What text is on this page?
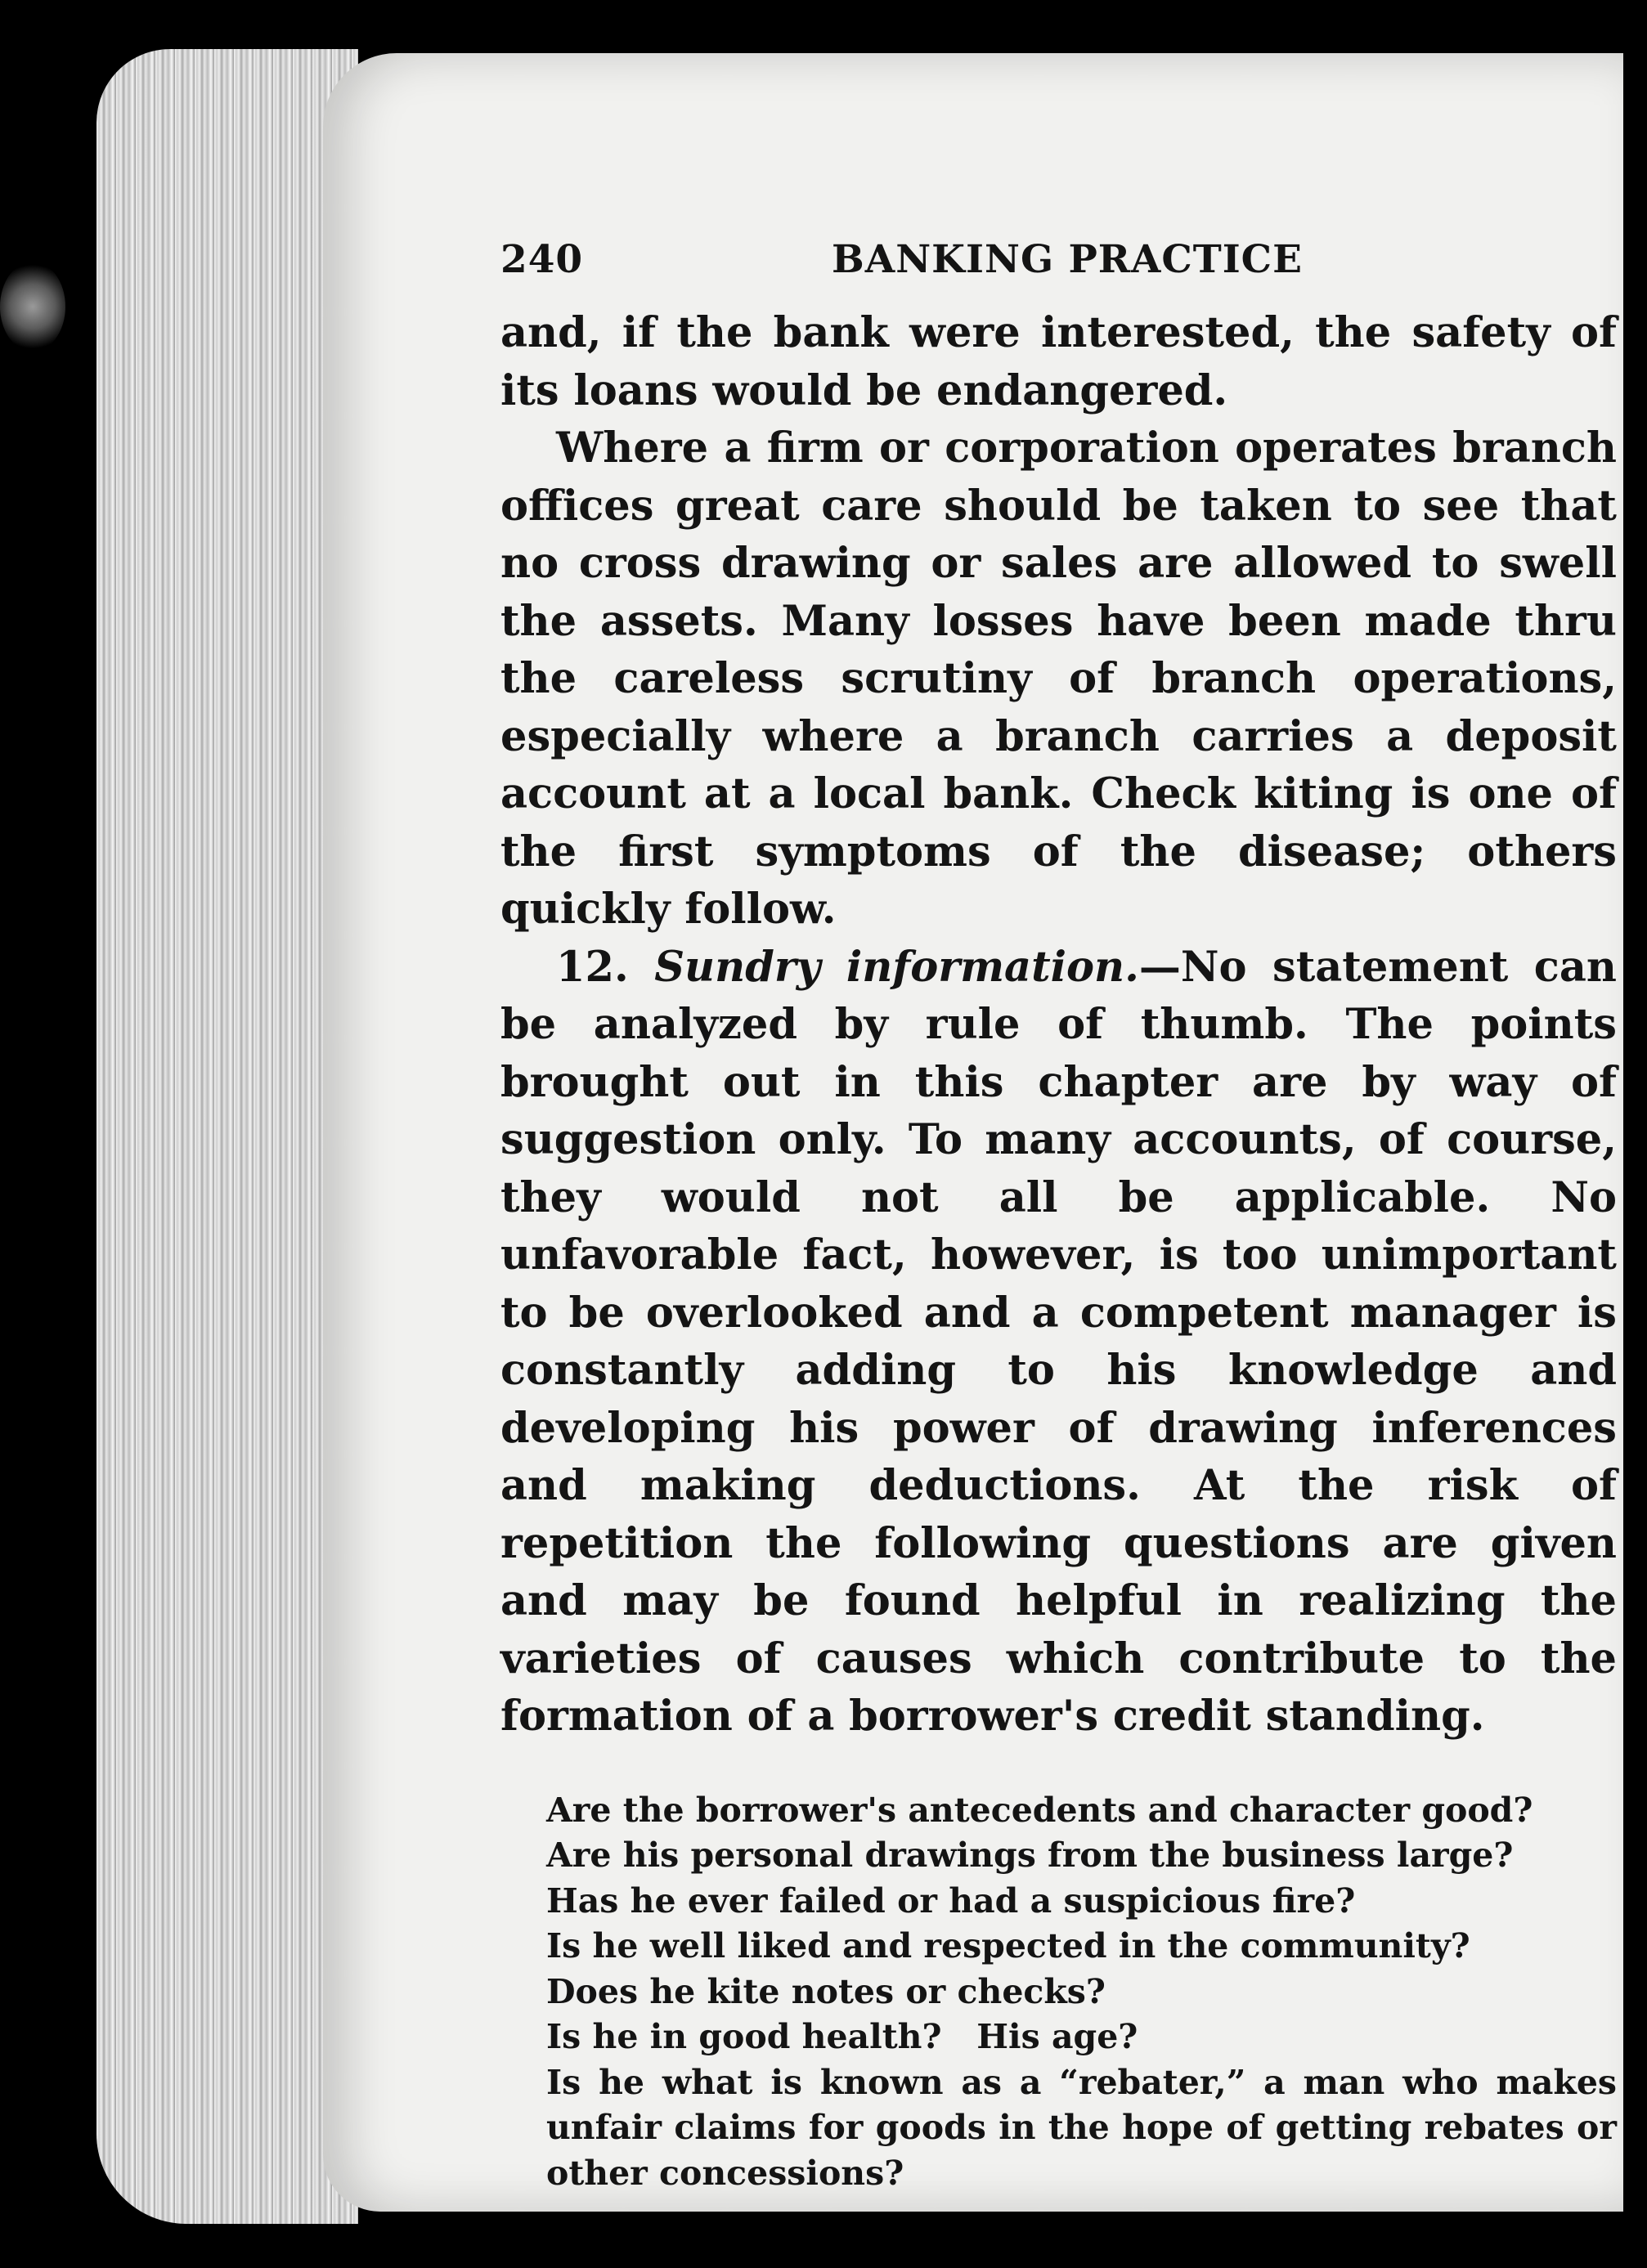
240	BANKING PRACTICE

and, if the bank were interested, the safety of its loans would be endangered.

Where a firm or corporation operates branch offices great care should be taken to see that no cross drawing or sales are allowed to swell the assets. Many losses have been made thru the careless scrutiny of branch operations, especially where a branch carries a deposit account at a local bank. Check kiting is one of the first symptoms of the disease; others quickly follow.

12. Sundry information.—No statement can be analyzed by rule of thumb. The points brought out in this chapter are by way of suggestion only. To many accounts, of course, they would not all be applicable. No unfavorable fact, however, is too unimportant to be overlooked and a competent manager is constantly adding to his knowledge and developing his power of drawing inferences and making deductions. At the risk of repetition the following questions are given and may be found helpful in realizing the varieties of causes which contribute to the formation of a borrower's credit standing.

Are the borrower's antecedents and character good?
Are his personal drawings from the business large?
Has he ever failed or had a suspicious fire?
Is he well liked and respected in the community?
Does he kite notes or checks?
Is he in good health?   His age?
Is he what is known as a “rebater,” a man who makes unfair claims for goods in the hope of getting rebates or other concessions?
